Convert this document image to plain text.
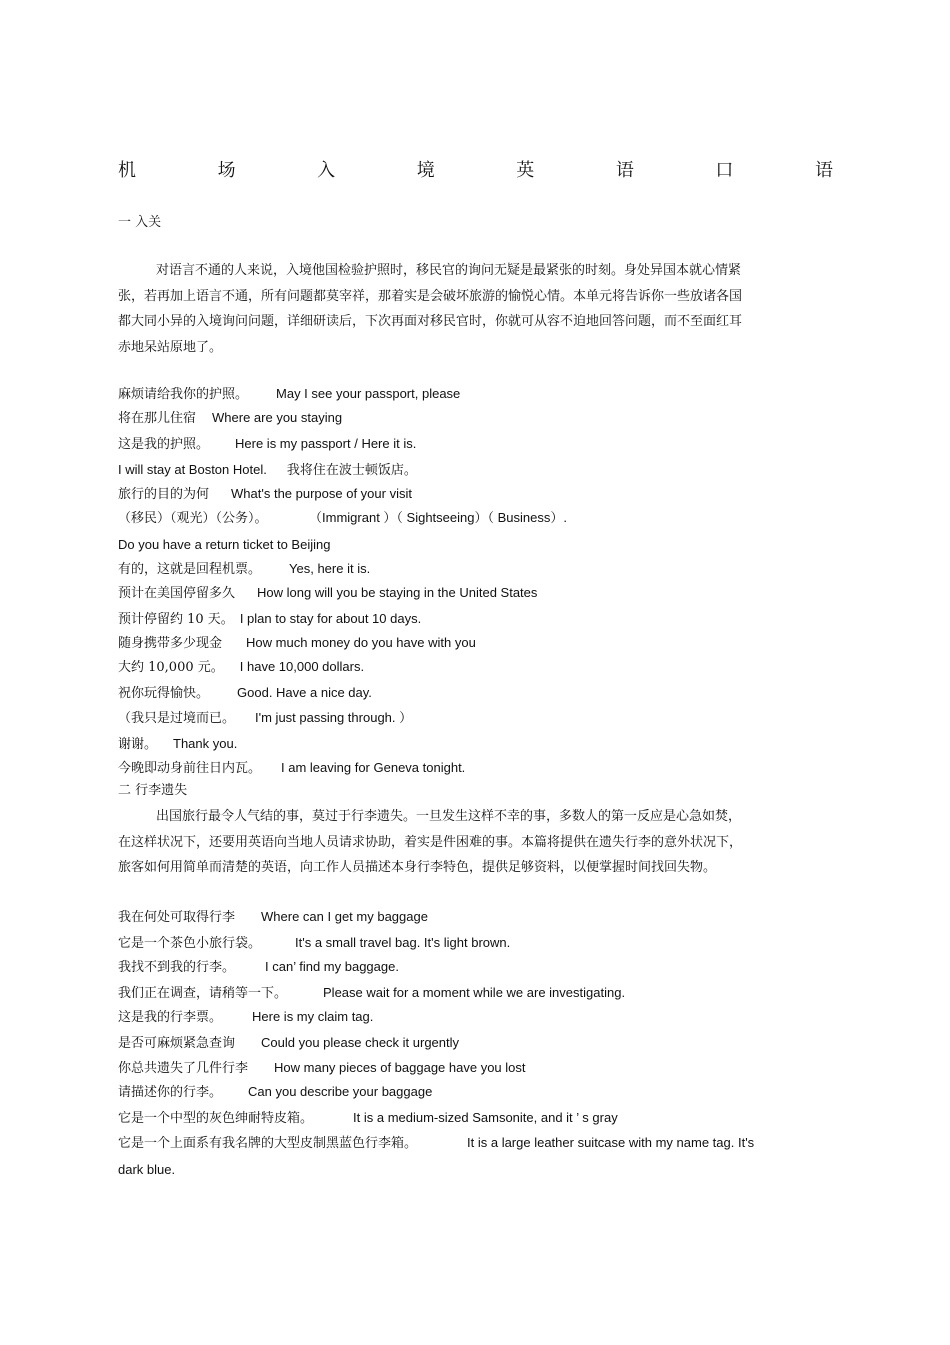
机	场	入	境	英	语	口	语
一 入关
对语言不通的人来说，入境他国检验护照时，移民官的询问无疑是最紧张的时刻。身处异国本就心情紧张，若再加上语言不通，所有问题都莫宰祥，那着实是会破坏旅游的愉悦心情。本单元将告诉你一些放诸各国都大同小异的入境询问问题，详细研读后，下次再面对移民官时，你就可从容不迫地回答问题，而不至面红耳赤地呆站原地了。
麻烦请给我你的护照。 May I see your passport, please
将在那儿住宿 Where are you staying
这是我的护照。 Here is my passport / Here it is.
I will stay at Boston Hotel. 我将住在波士顿饭店。
旅行的目的为何 What's the purpose of your visit
（移民）（观光）（公务）。	（Immigrant ）（ Sightseeing）（ Business）.
Do you have a return ticket to Beijing
有的，这就是回程机票。 Yes, here it is.
预计在美国停留多久 How long will you be staying in the United States
预计停留约 10 天。 I plan to stay for about 10 days.
随身携带多少现金 How much money do you have with you
大约 10,000 元。 I have 10,000 dollars.
祝你玩得愉快。 Good. Have a nice day.
（我只是过境而已。 I'm just passing through. ）
谢谢。 Thank you.
今晚即动身前往日内瓦。 I am leaving for Geneva tonight.
二 行李遗失
出国旅行最令人气结的事，莫过于行李遗失。一旦发生这样不幸的事，多数人的第一反应是心急如焚，在这样状况下，还要用英语向当地人员请求协助，着实是件困难的事。本篇将提供在遗失行李的意外状况下，旅客如何用简单而清楚的英语，向工作人员描述本身行李特色，提供足够资料，以便掌握时间找回失物。
我在何处可取得行李 Where can I get my baggage
它是一个茶色小旅行袋。	It's a small travel bag. It's light brown.
我找不到我的行李。 I can’ find my baggage.
我们正在调查，请稍等一下。	Please wait for a moment while we are investigating.
这是我的行李票。 Here is my claim tag.
是否可麻烦紧急查询 Could you please check it urgently
你总共遗失了几件行李 How many pieces of baggage have you lost
请描述你的行李。 Can you describe your baggage
它是一个中型的灰色绅耐特皮箱。	It is a medium-sized Samsonite, and it ’ s gray
它是一个上面系有我名牌的大型皮制黑蓝色行李箱。	It is a large leather suitcase with my name tag. It's
dark blue.
